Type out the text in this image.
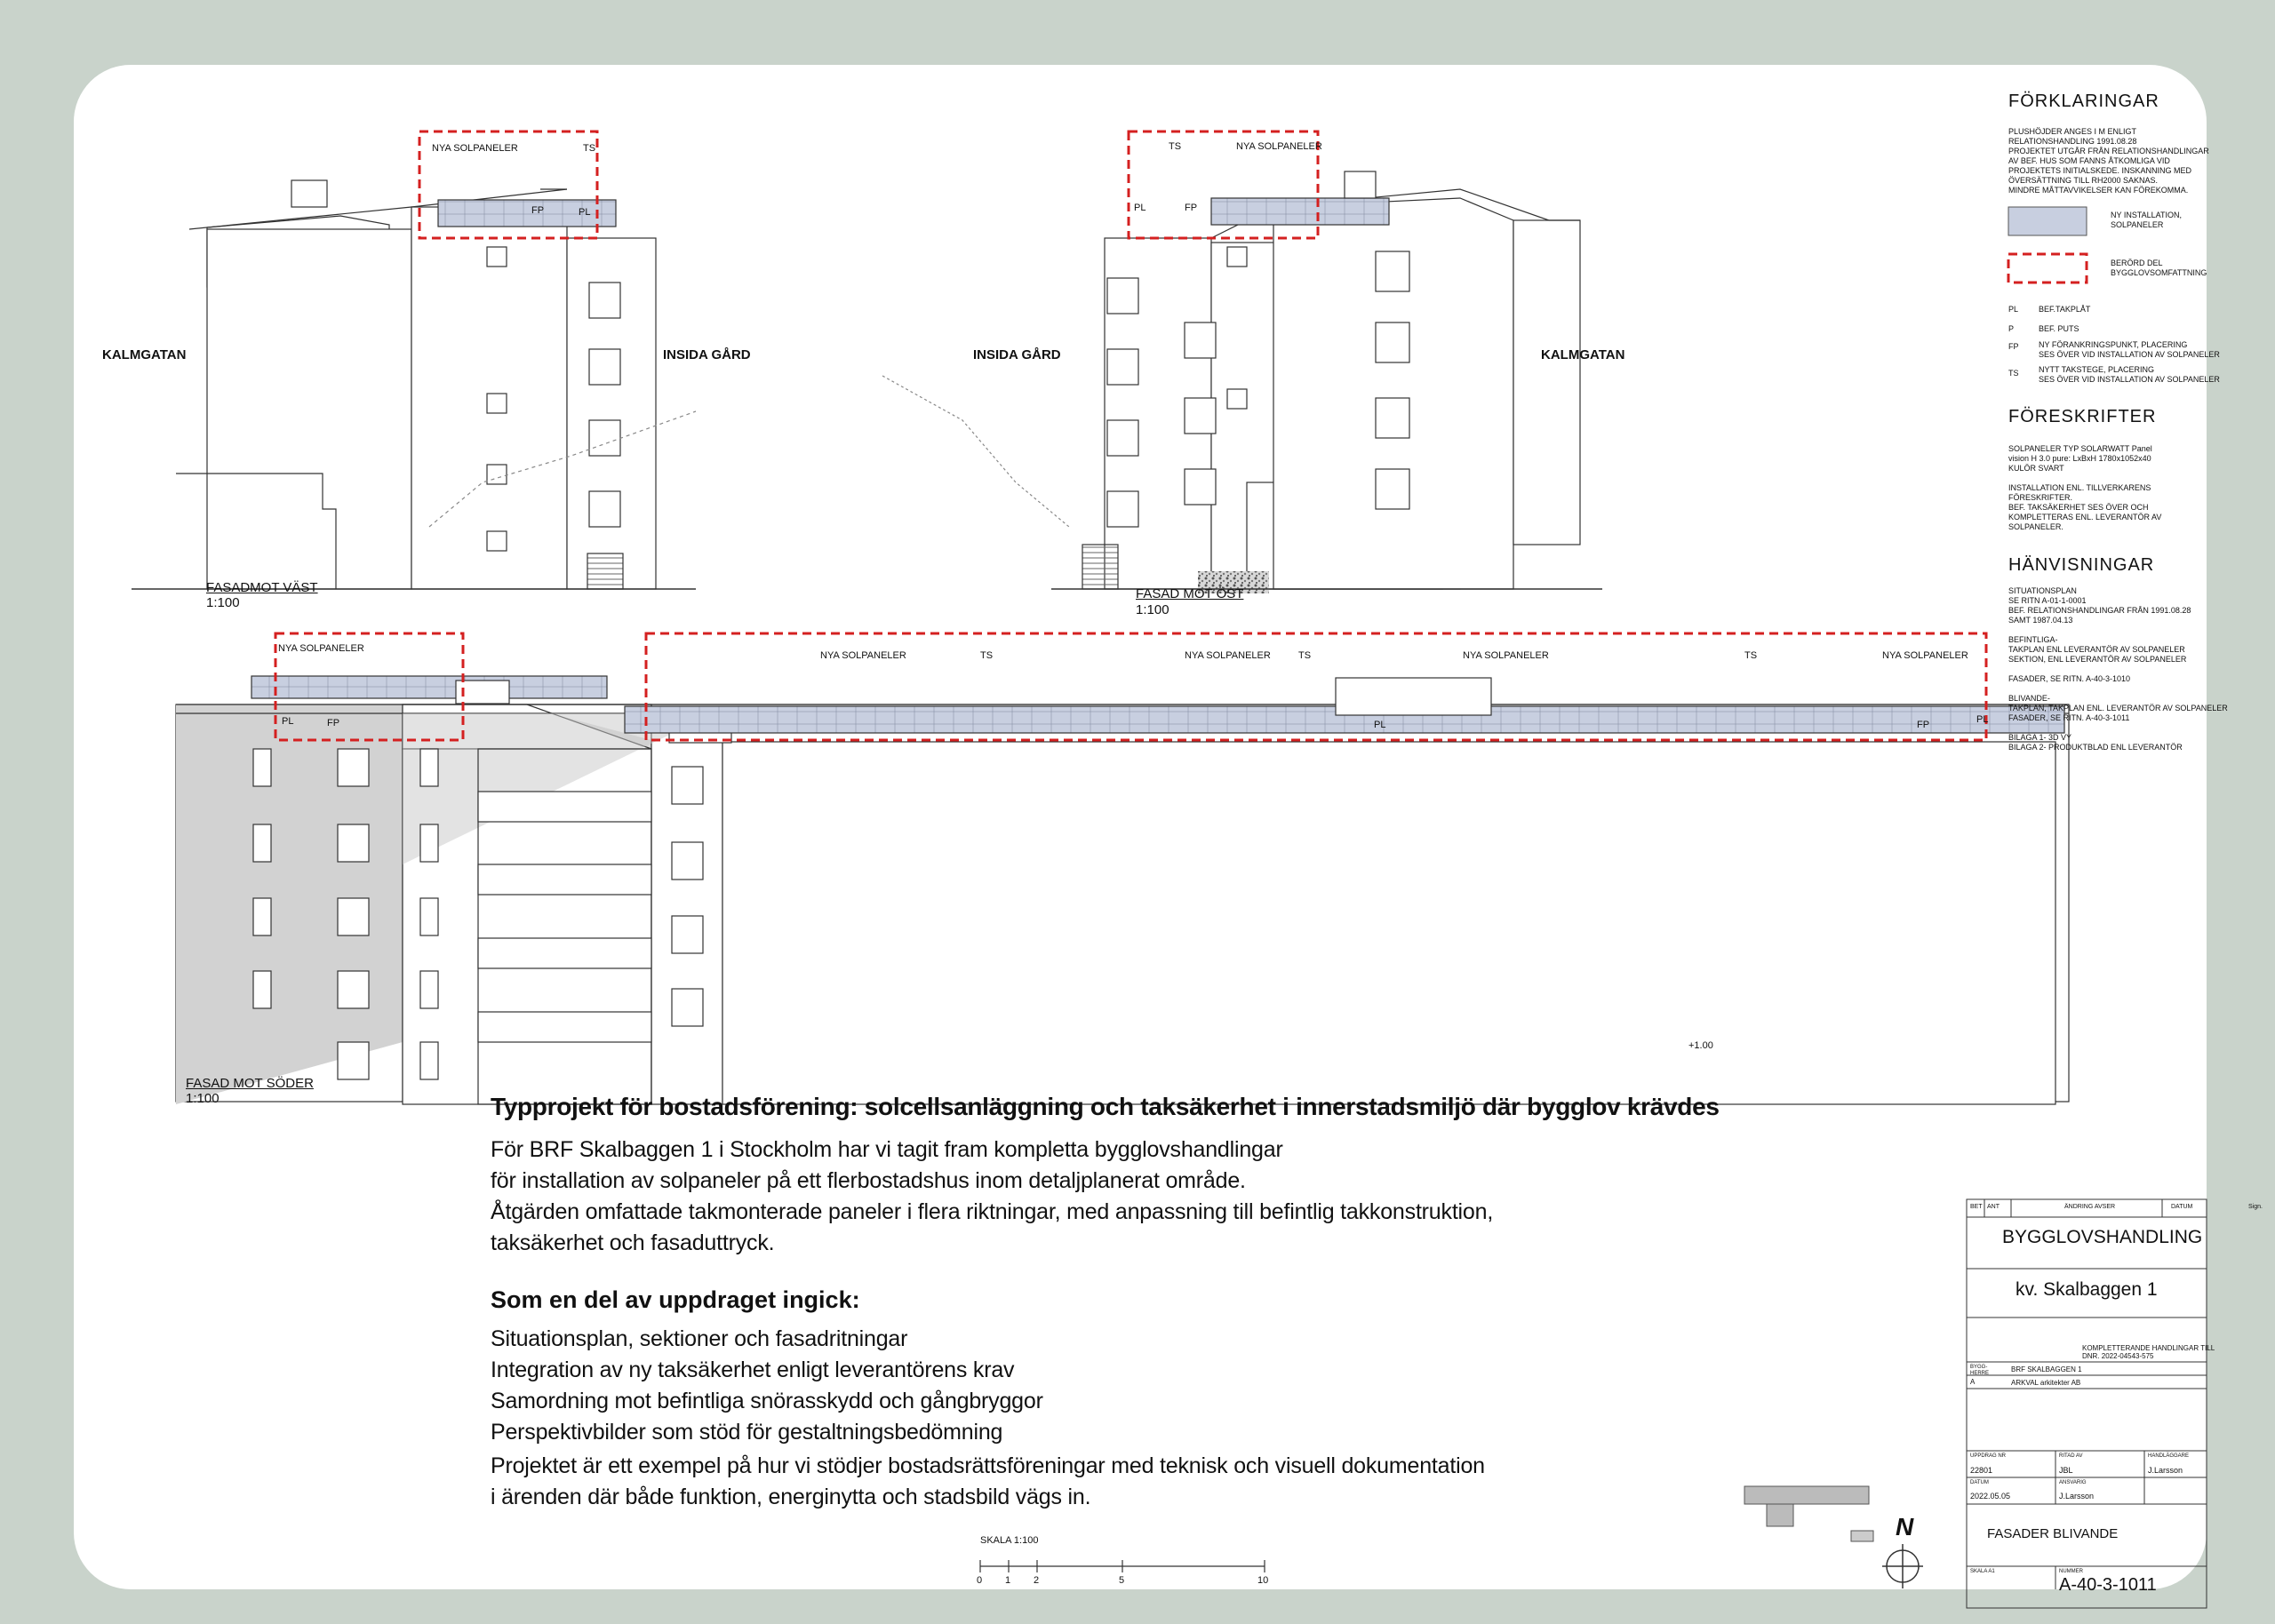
KALMGATAN	INSIDA GÅRD	INSIDA GÅRD	KALMGATAN
FASADMOT VÄST
1:100
FASAD MOT ÖST
1:100
FASAD MOT SÖDER
1:100
NYA SOLPANELER	TS
FP	PL
TS	NYA SOLPANELER
PL	FP
NYA SOLPANELER
NYA SOLPANELER	TS	NYA SOLPANELER	TS	NYA SOLPANELER	TS	NYA SOLPANELER
PL	FP	PL	FP	PL
+1.00
FÖRKLARINGAR
PLUSHÖJDER ANGES I M ENLIGT
RELATIONSHANDLING 1991.08.28
PROJEKTET UTGÅR FRÅN RELATIONSHANDLINGAR
AV BEF. HUS SOM FANNS ÅTKOMLIGA VID
PROJEKTETS INITIALSKEDE. INSKANNING MED
ÖVERSÄTTNING TILL RH2000 SAKNAS.
MINDRE MÅTTAVVIKELSER KAN FÖREKOMMA.
NY INSTALLATION,
SOLPANELER
BERÖRD DEL
BYGGLOVSOMFATTNING
PL	BEF.TAKPLÅT
P	BEF. PUTS
FP NY FÖRANKRINGSPUNKT, PLACERING
SES ÖVER VID INSTALLATION AV SOLPANELER
TS NYTT TAKSTEGE, PLACERING
SES ÖVER VID INSTALLATION AV SOLPANELER
FÖRESKRIFTER
SOLPANELER TYP SOLARWATT Panel
vision H 3.0 pure: LxBxH 1780x1052x40
KULÖR SVART

INSTALLATION ENL. TILLVERKARENS
FÖRESKRIFTER.
BEF. TAKSÄKERHET SES ÖVER OCH
KOMPLETTERAS ENL. LEVERANTÖR AV
SOLPANELER.
HÄNVISNINGAR
SITUATIONSPLAN
SE RITN A-01-1-0001
BEF. RELATIONSHANDLINGAR FRÅN 1991.08.28
SAMT 1987.04.13

BEFINTLIGA-
TAKPLAN ENL LEVERANTÖR AV SOLPANELER
SEKTION, ENL LEVERANTÖR AV SOLPANELER

FASADER, SE RITN. A-40-3-1010

BLIVANDE-
TAKPLAN, TAKPLAN ENL. LEVERANTÖR AV SOLPANELER
FASADER, SE RITN. A-40-3-1011

BILAGA 1- 3D VY
BILAGA 2- PRODUKTBLAD ENL LEVERANTÖR
Typprojekt för bostadsförening: solcellsanläggning och taksäkerhet i innerstadsmiljö där bygglov krävdes
För BRF Skalbaggen 1 i Stockholm har vi tagit fram kompletta bygglovshandlingar
för installation av solpaneler på ett flerbostadshus inom detaljplanerat område.
Åtgärden omfattade takmonterade paneler i flera riktningar, med anpassning till befintlig takkonstruktion,
taksäkerhet och fasaduttryck.
Som en del av uppdraget ingick:
Situationsplan, sektioner och fasadritningar
Integration av ny taksäkerhet enligt leverantörens krav
Samordning mot befintliga snörasskydd och gångbryggor
Perspektivbilder som stöd för gestaltningsbedömning
Projektet är ett exempel på hur vi stödjer bostadsrättsföreningar med teknisk och visuell dokumentation
i ärenden där både funktion, energinytta och stadsbild vägs in.
SKALA 1:100
0 1 2	5	10
N
BET ANT	ÄNDRING AVSER	DATUM	Sign.
BYGGLOVSHANDLING
kv. Skalbaggen 1
KOMPLETTERANDE HANDLINGAR TILL
DNR. 2022-04543-575
BYGG-
HERRE	BRF SKALBAGGEN 1
A	ARKVAL arkitekter AB
UPPDRAG NR
22801
RITAD AV
JBL
HANDLÄGGARE
J.Larsson
DATUM
2022.05.05
ANSVARIG
J.Larsson
FASADER BLIVANDE
SKALA A1	NUMMER
A-40-3-1011
